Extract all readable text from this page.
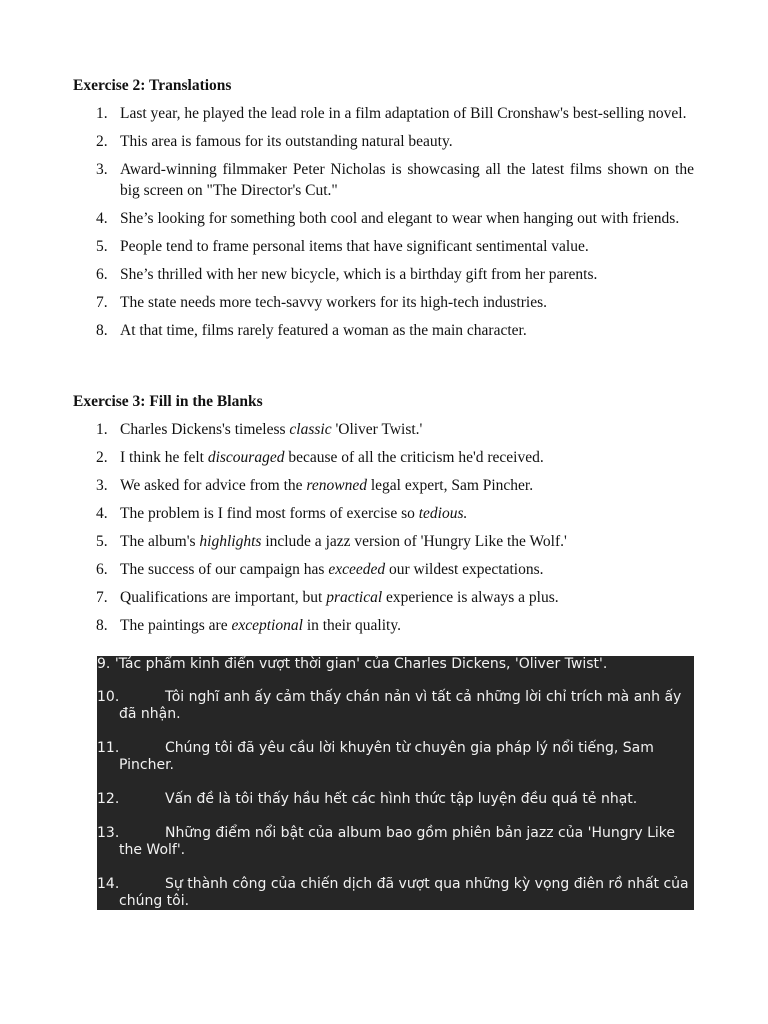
Exercise 2: Translations
1. Last year, he played the lead role in a film adaptation of Bill Cronshaw's best-selling novel.
2. This area is famous for its outstanding natural beauty.
3. Award-winning filmmaker Peter Nicholas is showcasing all the latest films shown on the big screen on "The Director's Cut."
4. She’s looking for something both cool and elegant to wear when hanging out with friends.
5. People tend to frame personal items that have significant sentimental value.
6. She’s thrilled with her new bicycle, which is a birthday gift from her parents.
7. The state needs more tech-savvy workers for its high-tech industries.
8. At that time, films rarely featured a woman as the main character.
Exercise 3: Fill in the Blanks
1. Charles Dickens's timeless classic 'Oliver Twist.'
2. I think he felt discouraged because of all the criticism he'd received.
3. We asked for advice from the renowned legal expert, Sam Pincher.
4. The problem is I find most forms of exercise so tedious.
5. The album's highlights include a jazz version of 'Hungry Like the Wolf.'
6. The success of our campaign has exceeded our wildest expectations.
7. Qualifications are important, but practical experience is always a plus.
8. The paintings are exceptional in their quality.
9. 'Tác phẩm kinh điển vượt thời gian' của Charles Dickens, 'Oliver Twist'.
10.	Tôi nghĩ anh ấy cảm thấy chán nản vì tất cả những lời chỉ trích mà anh ấy đã nhận.
11.	Chúng tôi đã yêu cầu lời khuyên từ chuyên gia pháp lý nổi tiếng, Sam Pincher.
12.	Vấn đề là tôi thấy hầu hết các hình thức tập luyện đều quá tẻ nhạt.
13.	Những điểm nổi bật của album bao gồm phiên bản jazz của 'Hungry Like the Wolf'.
14.	Sự thành công của chiến dịch đã vượt qua những kỳ vọng điên rồ nhất của chúng tôi.
